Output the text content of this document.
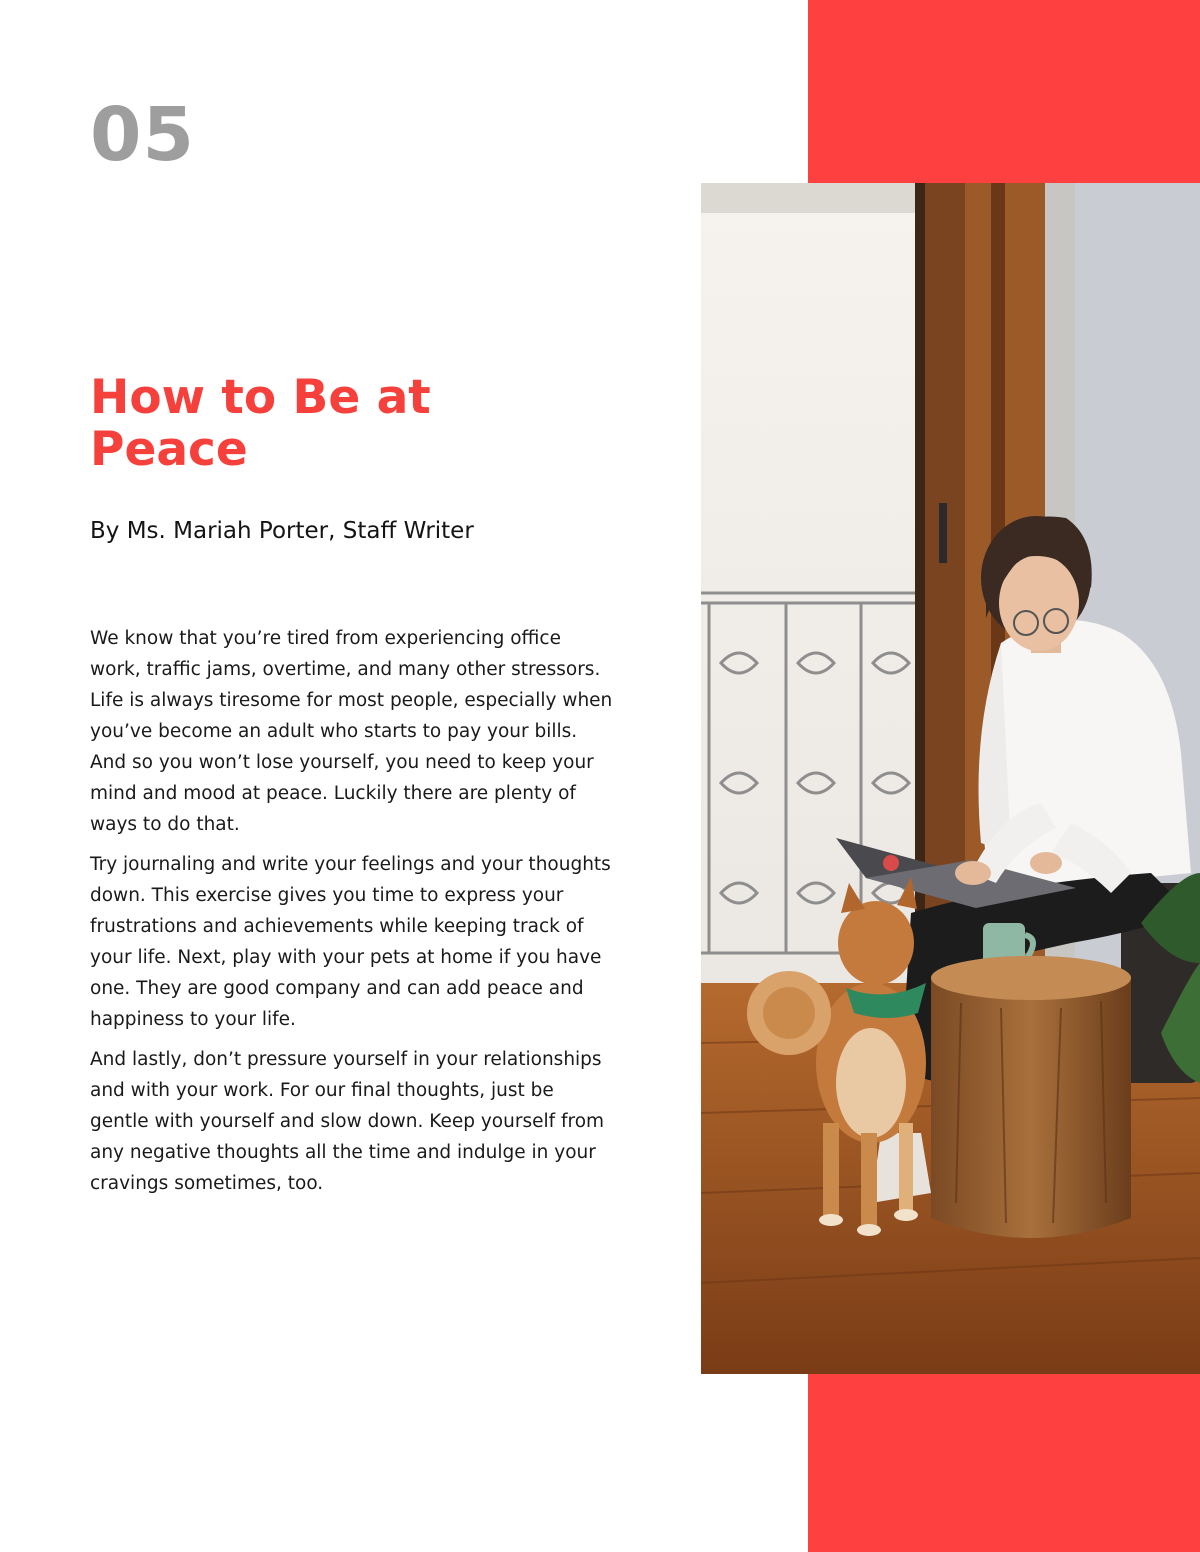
05
How to Be at Peace
By Ms. Mariah Porter, Staff Writer

We know that you’re tired from experiencing office work, traffic jams, overtime, and many other stressors. Life is always tiresome for most people, especially when you’ve become an adult who starts to pay your bills. And so you won’t lose yourself, you need to keep your mind and mood at peace. Luckily there are plenty of ways to do that.

Try journaling and write your feelings and your thoughts down. This exercise gives you time to express your frustrations and achievements while keeping track of your life. Next, play with your pets at home if you have one. They are good company and can add peace and happiness to your life.

And lastly, don’t pressure yourself in your relationships and with your work. For our final thoughts, just be gentle with yourself and slow down. Keep yourself from any negative thoughts all the time and indulge in your cravings sometimes, too.
